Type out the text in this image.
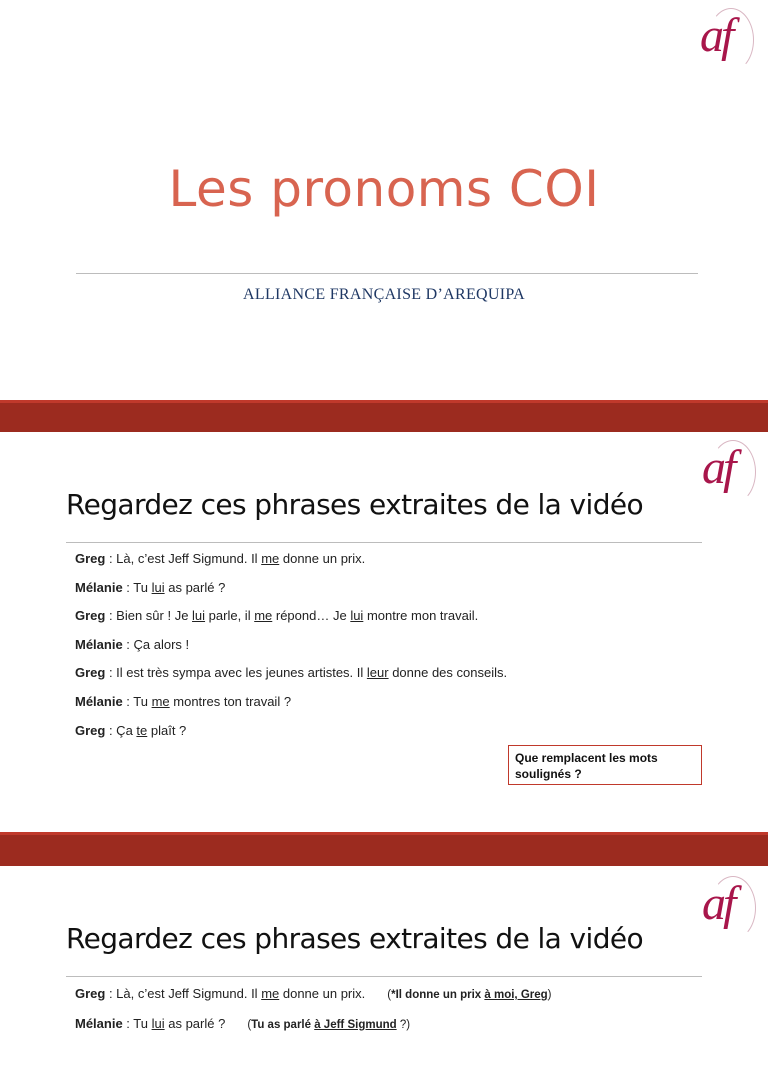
af
Les pronoms COI
ALLIANCE FRANÇAISE D’AREQUIPA
af
Regardez ces phrases extraites de la vidéo
Greg : Là, c’est Jeff Sigmund. Il me donne un prix.
Mélanie : Tu lui as parlé ?
Greg : Bien sûr ! Je lui parle, il me répond… Je lui montre mon travail.
Mélanie : Ça alors !
Greg : Il est très sympa avec les jeunes artistes. Il leur donne des conseils.
Mélanie : Tu me montres ton travail ?
Greg : Ça te plaît ?
Que remplacent les mots soulignés ?
af
Regardez ces phrases extraites de la vidéo
Greg : Là, c’est Jeff Sigmund. Il me donne un prix. (*Il donne un prix à moi, Greg)
Mélanie : Tu lui as parlé ? (Tu as parlé à Jeff Sigmund ?)
